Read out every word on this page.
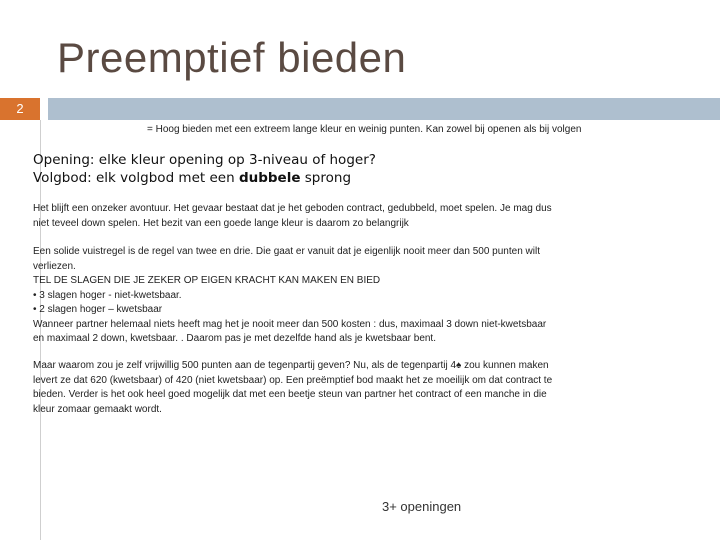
Preemptief bieden
2
= Hoog bieden met een extreem lange kleur en weinig punten. Kan zowel bij openen als bij volgen
Opening: elke kleur opening op 3-niveau of hoger?
Volgbod: elk volgbod met een dubbele sprong
Het blijft een onzeker avontuur. Het gevaar bestaat dat je het geboden contract, gedubbeld, moet spelen. Je mag dus
niet teveel down spelen. Het bezit van een goede lange kleur is daarom zo belangrijk
Een solide vuistregel is de regel van twee en drie. Die gaat er vanuit dat je eigenlijk nooit meer dan 500 punten wilt
verliezen.
TEL DE SLAGEN DIE JE ZEKER OP EIGEN KRACHT KAN MAKEN EN BIED
• 3 slagen hoger - niet-kwetsbaar.
• 2 slagen hoger – kwetsbaar
Wanneer partner helemaal niets heeft mag het je nooit meer dan 500 kosten : dus, maximaal 3 down niet-kwetsbaar
en maximaal 2 down, kwetsbaar. . Daarom pas je met dezelfde hand als je kwetsbaar bent.
Maar waarom zou je zelf vrijwillig 500 punten aan de tegenpartij geven? Nu, als de tegenpartij 4♠ zou kunnen maken
levert ze dat 620 (kwetsbaar) of 420 (niet kwetsbaar) op. Een preëmptief bod maakt het ze moeilijk om dat contract te
bieden. Verder is het ook heel goed mogelijk dat met een beetje steun van partner het contract of een manche in die
kleur zomaar gemaakt wordt.
3+ openingen
